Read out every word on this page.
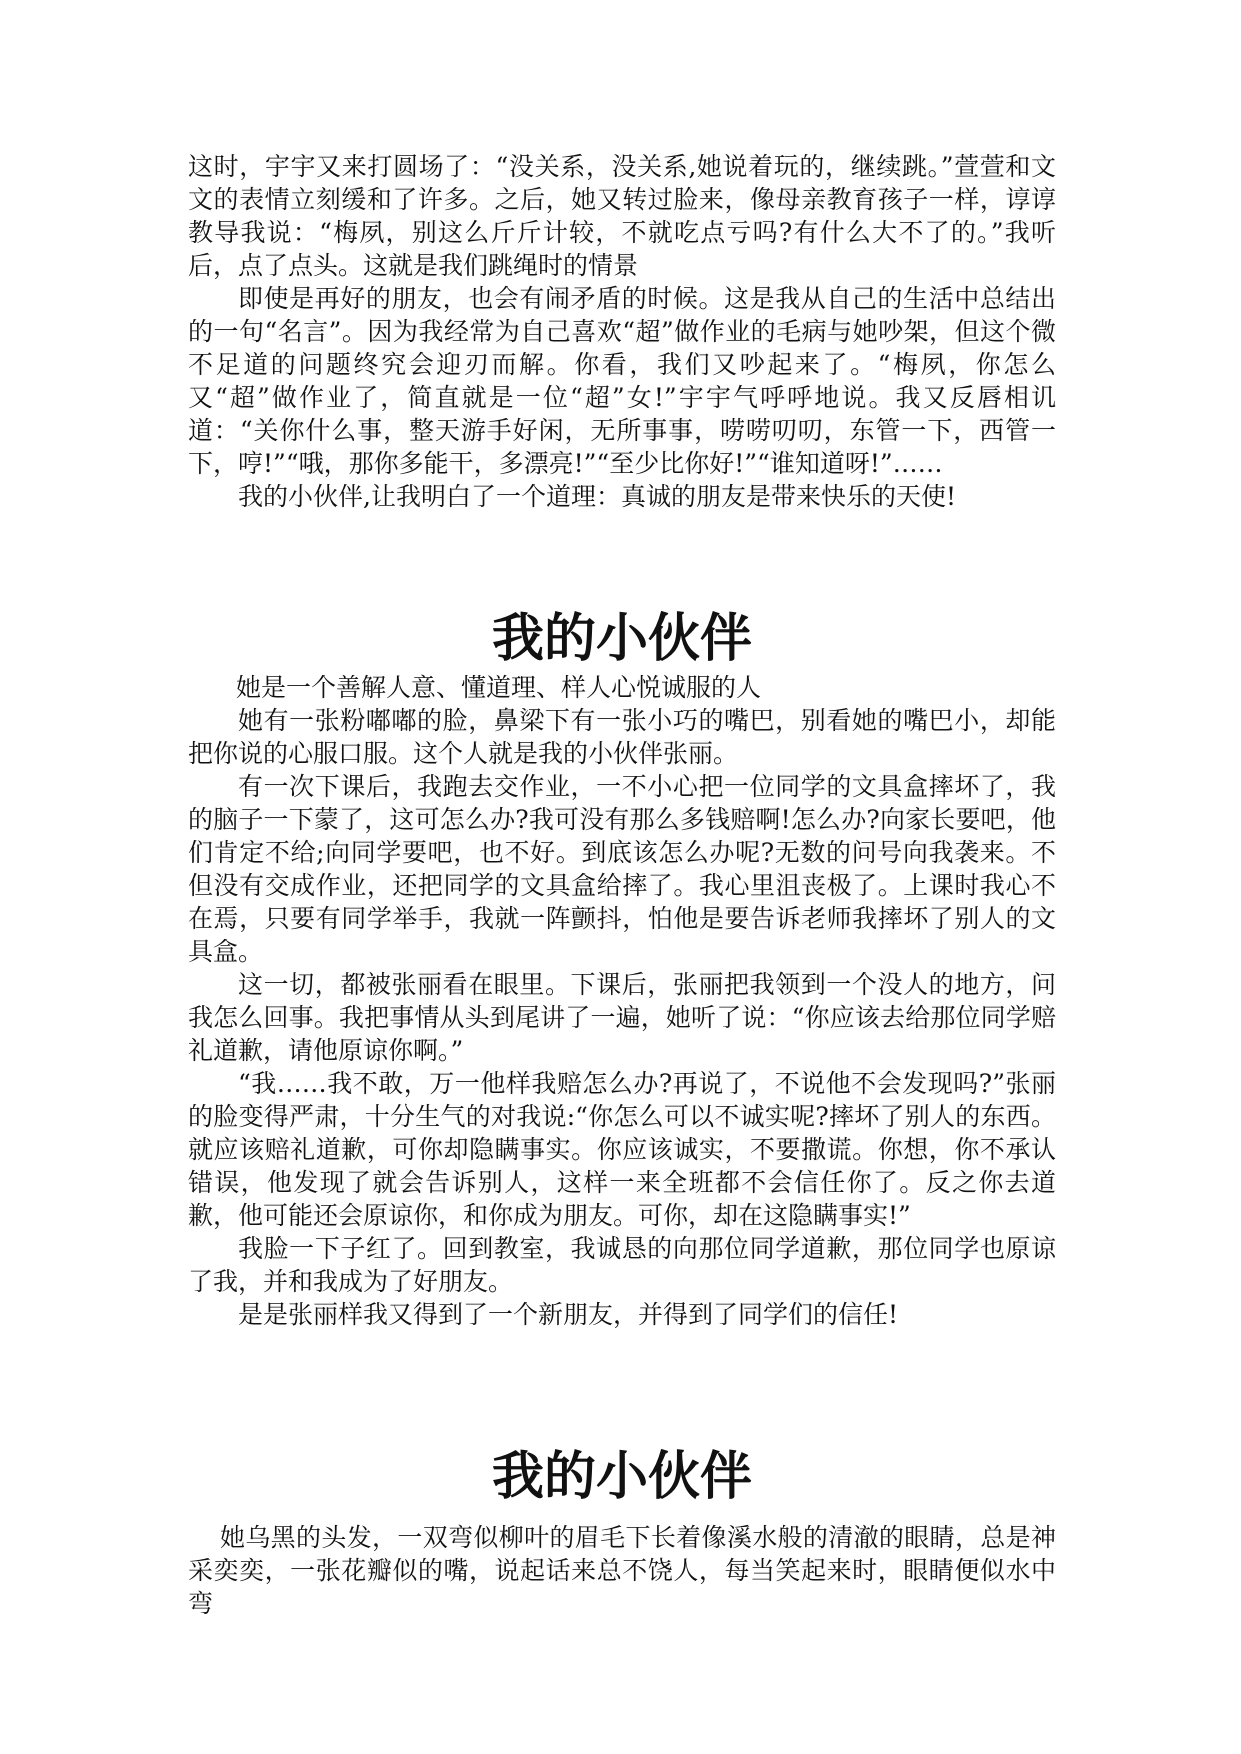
这时，宇宇又来打圆场了：“没关系，没关系,她说着玩的，继续跳。”萱萱和文文的表情立刻缓和了许多。之后，她又转过脸来，像母亲教育孩子一样，谆谆教导我说：“梅夙，别这么斤斤计较，不就吃点亏吗?有什么大不了的。”我听后，点了点头。这就是我们跳绳时的情景

即使是再好的朋友，也会有闹矛盾的时候。这是我从自己的生活中总结出的一句“名言”。因为我经常为自己喜欢“超”做作业的毛病与她吵架，但这个微不足道的问题终究会迎刃而解。你看，我们又吵起来了。“梅夙，你怎么又“超”做作业了，简直就是一位“超”女!”宇宇气呼呼地说。我又反唇相讥道：“关你什么事，整天游手好闲，无所事事，唠唠叨叨，东管一下，西管一下，哼!”“哦，那你多能干，多漂亮!”“至少比你好!”“谁知道呀!”……

我的小伙伴,让我明白了一个道理：真诚的朋友是带来快乐的天使!

我的小伙伴

她是一个善解人意、懂道理、样人心悦诚服的人

她有一张粉嘟嘟的脸，鼻梁下有一张小巧的嘴巴，别看她的嘴巴小，却能把你说的心服口服。这个人就是我的小伙伴张丽。

有一次下课后，我跑去交作业，一不小心把一位同学的文具盒摔坏了，我的脑子一下蒙了，这可怎么办?我可没有那么多钱赔啊!怎么办?向家长要吧，他们肯定不给;向同学要吧，也不好。到底该怎么办呢?无数的问号向我袭来。不但没有交成作业，还把同学的文具盒给摔了。我心里沮丧极了。上课时我心不在焉，只要有同学举手，我就一阵颤抖，怕他是要告诉老师我摔坏了别人的文具盒。

这一切，都被张丽看在眼里。下课后，张丽把我领到一个没人的地方，问我怎么回事。我把事情从头到尾讲了一遍，她听了说：“你应该去给那位同学赔礼道歉，请他原谅你啊。”

“我……我不敢，万一他样我赔怎么办?再说了，不说他不会发现吗?”张丽的脸变得严肃，十分生气的对我说:“你怎么可以不诚实呢?摔坏了别人的东西。就应该赔礼道歉，可你却隐瞒事实。你应该诚实，不要撒谎。你想，你不承认错误，他发现了就会告诉别人，这样一来全班都不会信任你了。反之你去道歉，他可能还会原谅你，和你成为朋友。可你，却在这隐瞒事实!”

我脸一下子红了。回到教室，我诚恳的向那位同学道歉，那位同学也原谅了我，并和我成为了好朋友。

是是张丽样我又得到了一个新朋友，并得到了同学们的信任!

我的小伙伴

她乌黑的头发，一双弯似柳叶的眉毛下长着像溪水般的清澈的眼睛，总是神采奕奕，一张花瓣似的嘴，说起话来总不饶人，每当笑起来时，眼睛便似水中弯
